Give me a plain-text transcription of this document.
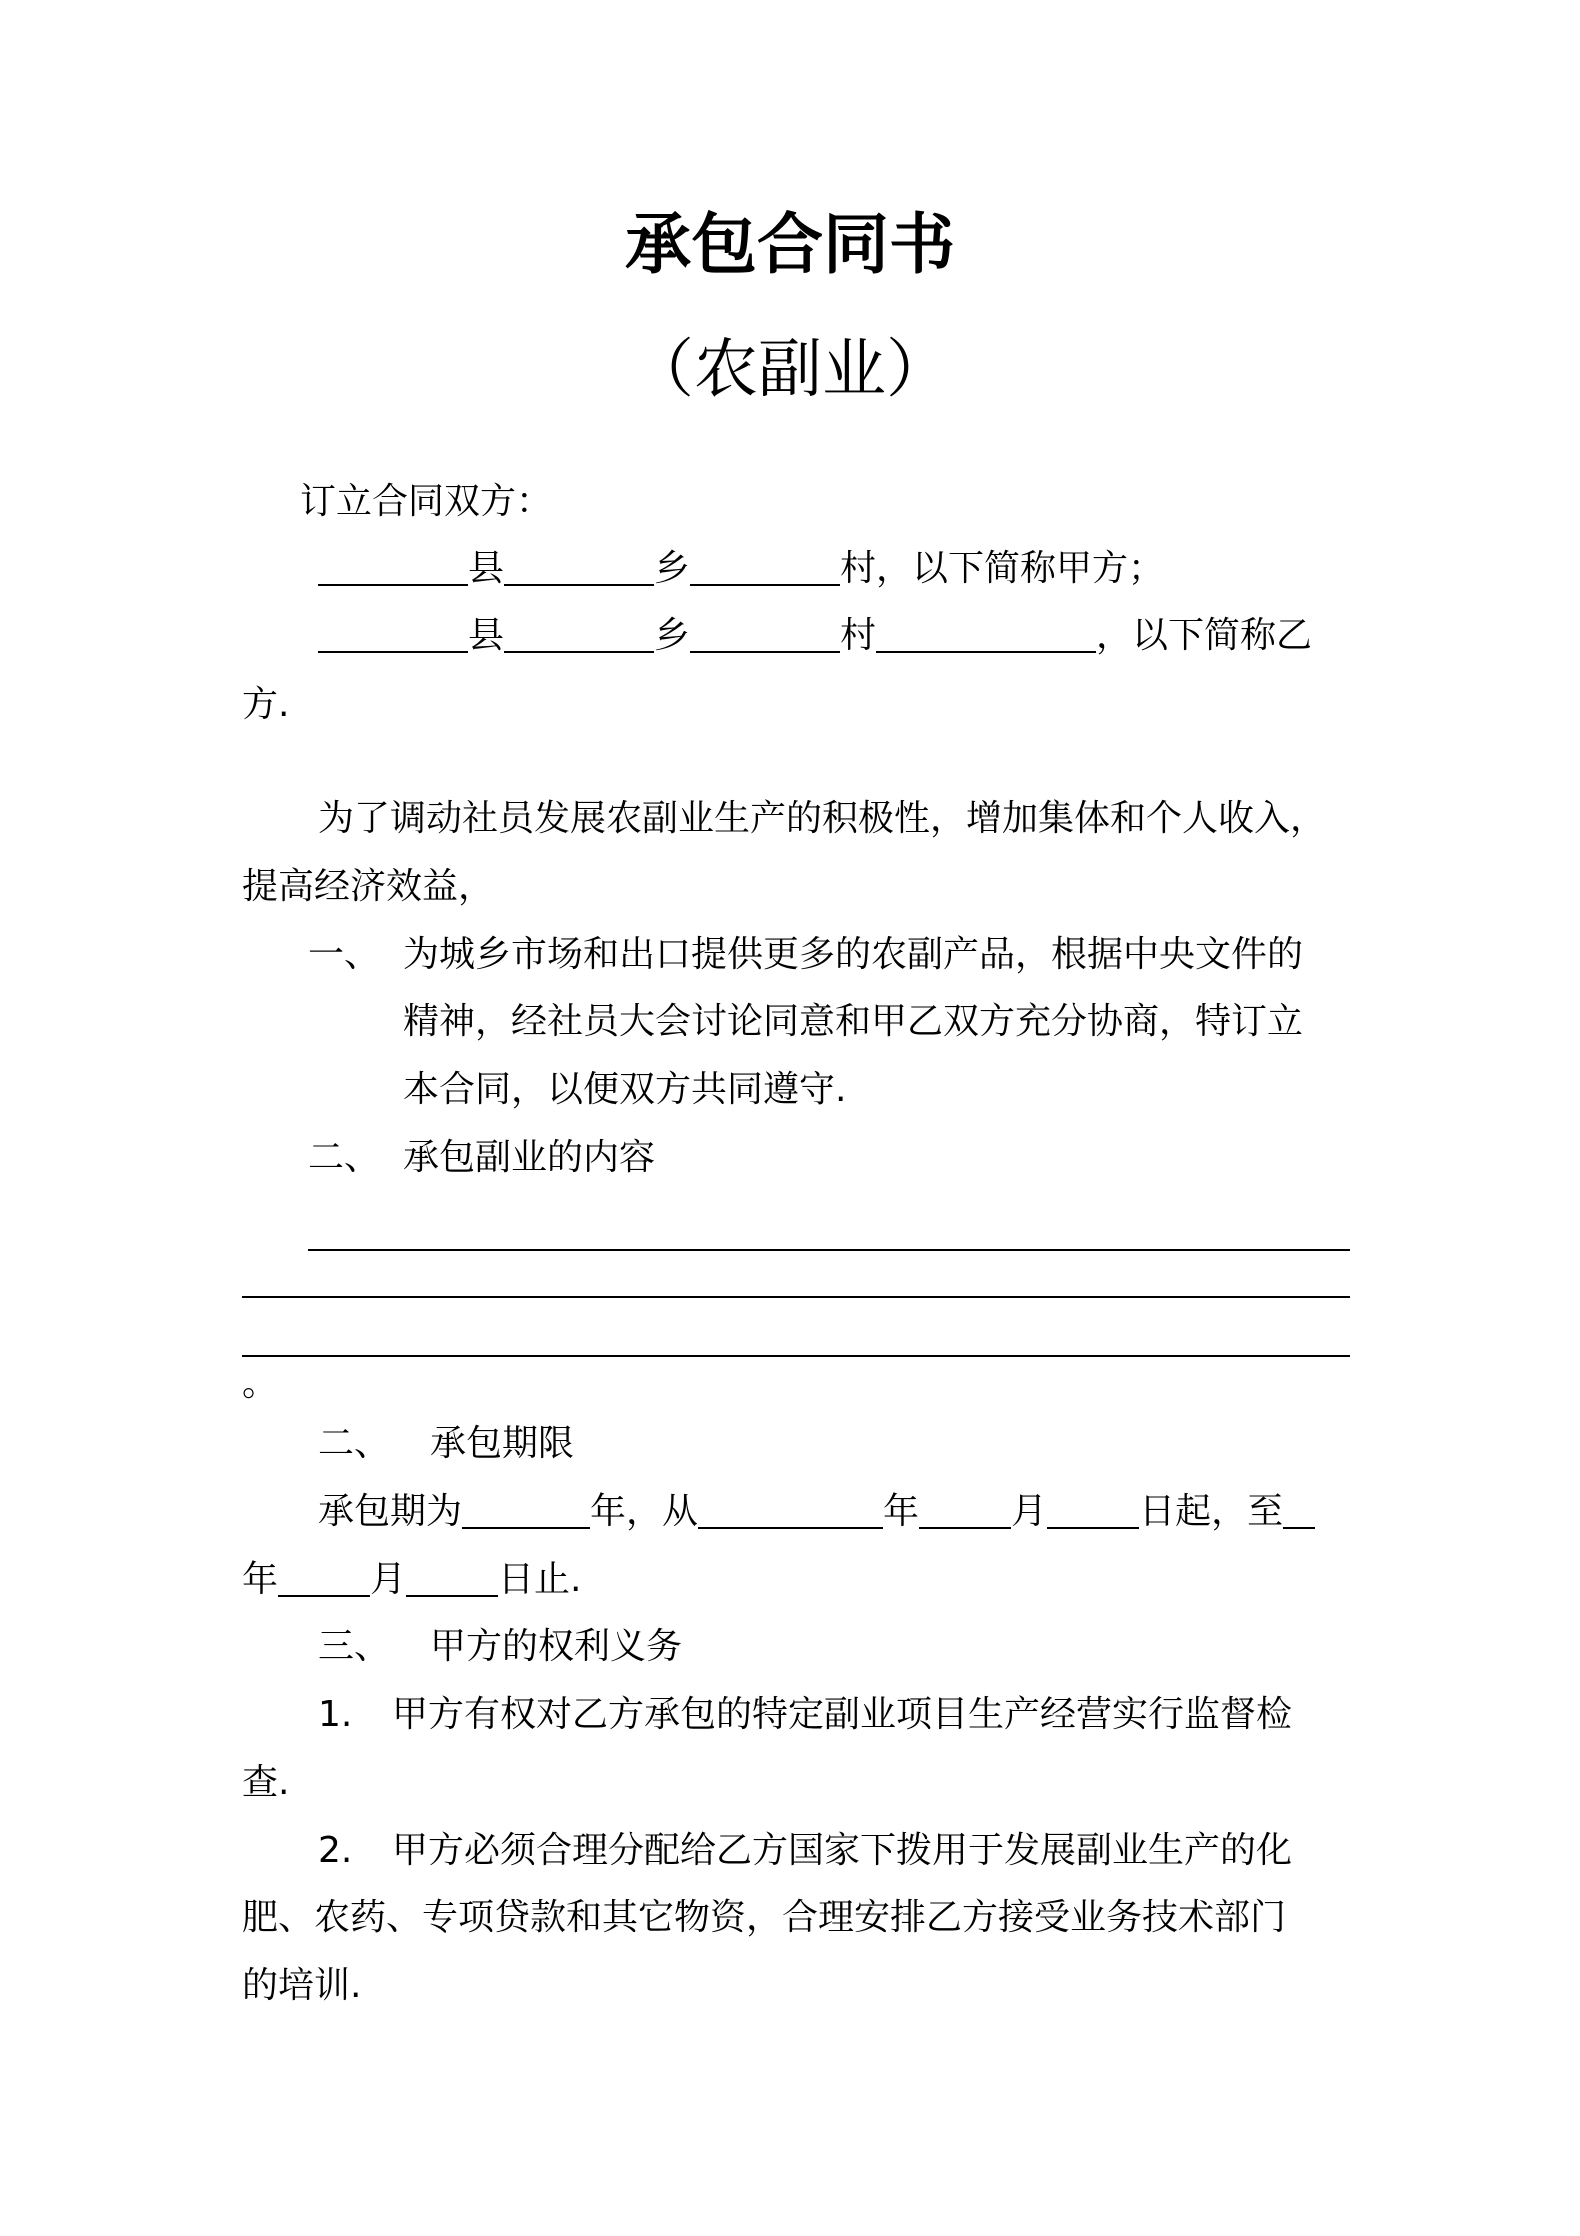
承包合同书
（农副业）
订立合同双方：
县	乡	村，以下简称甲方；
县	乡	村	，以下简称乙
方.
为了调动社员发展农副业生产的积极性，增加集体和个人收入，
提高经济效益，
一、 为城乡市场和出口提供更多的农副产品，根据中央文件的
精神，经社员大会讨论同意和甲乙双方充分协商，特订立
本合同，以便双方共同遵守.
二、 承包副业的内容
。
二、 承包期限
承包期为	年，从	年	月	日起，至
年	月	日止.
三、 甲方的权利义务
1. 甲方有权对乙方承包的特定副业项目生产经营实行监督检
查.
2. 甲方必须合理分配给乙方国家下拨用于发展副业生产的化
肥、农药、专项贷款和其它物资，合理安排乙方接受业务技术部门
的培训.
